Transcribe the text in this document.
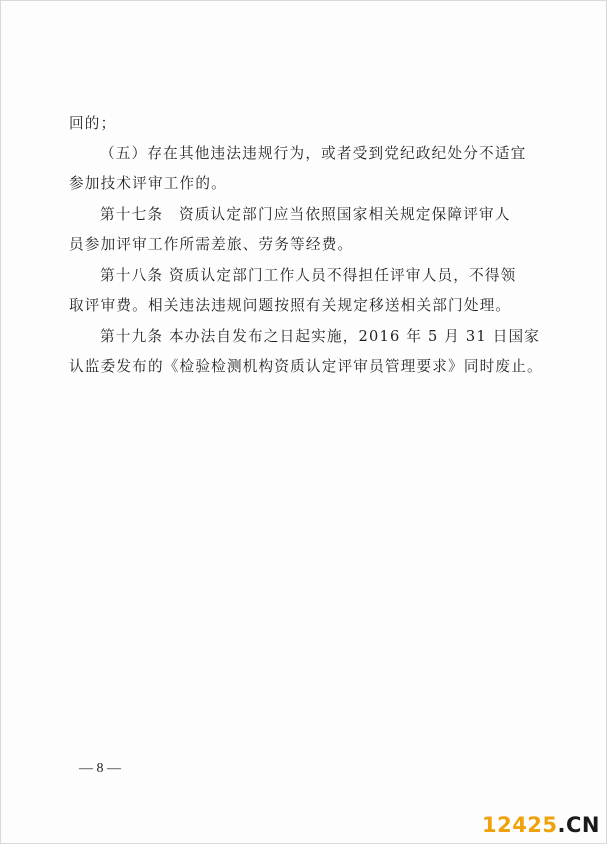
回的；
（五）存在其他违法违规行为，或者受到党纪政纪处分不适宜
参加技术评审工作的。
第十七条　资质认定部门应当依照国家相关规定保障评审人
员参加评审工作所需差旅、劳务等经费。
第十八条 资质认定部门工作人员不得担任评审人员，不得领
取评审费。相关违法违规问题按照有关规定移送相关部门处理。
第十九条 本办法自发布之日起实施，2016 年 5 月 31 日国家
认监委发布的《检验检测机构资质认定评审员管理要求》同时废止。
— 8 —
12425.CN
